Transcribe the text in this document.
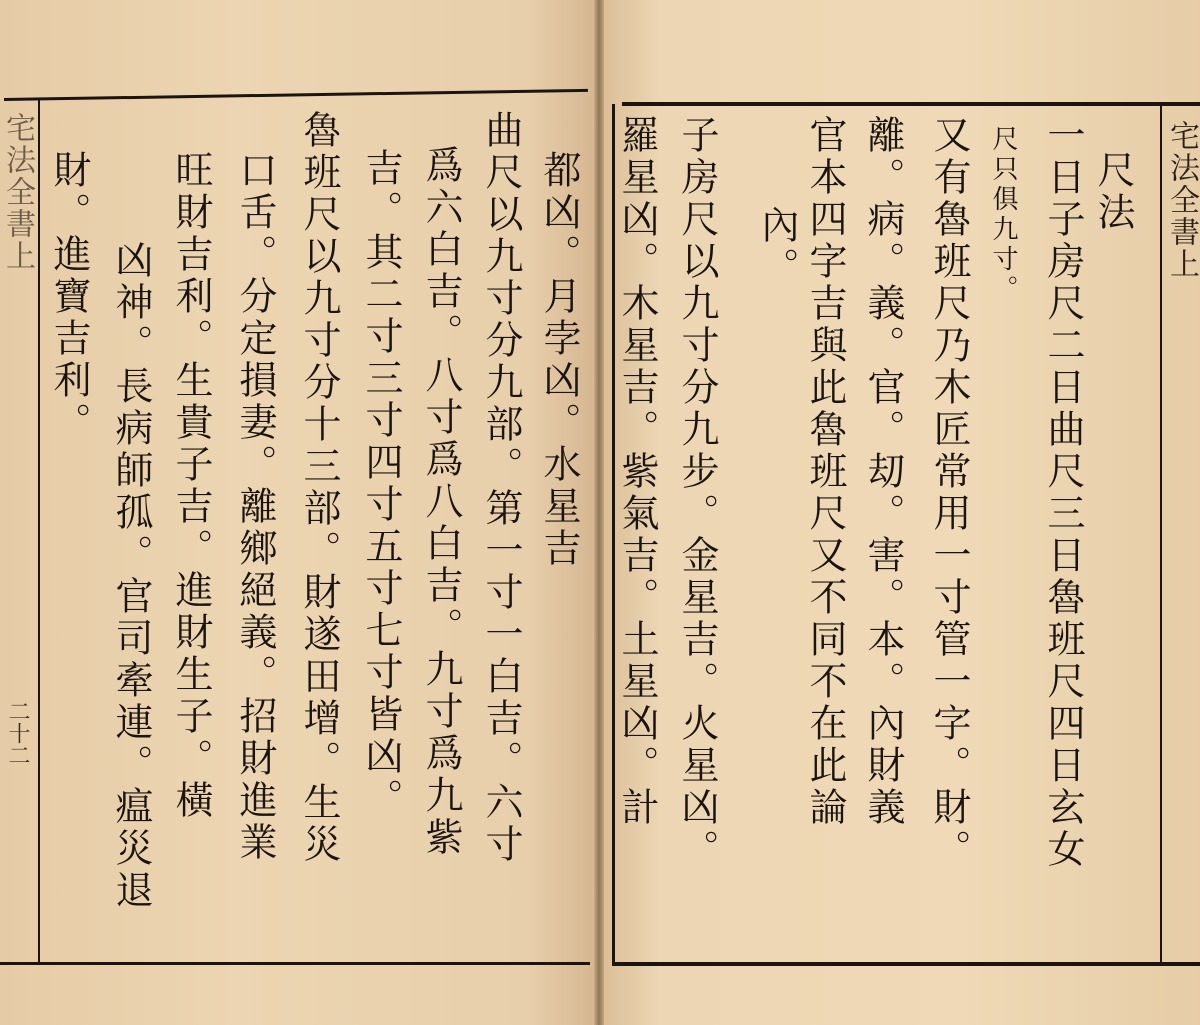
宅法全書上
尺法
一日子房尺二日曲尺三日魯班尺四日玄女
尺只俱九寸。
又有魯班尺乃木匠常用一寸管一字。財。
離。病。義。官。刧。害。本。內財義
官本四字吉與此魯班尺又不同不在此論
內。
子房尺以九寸分九步。金星吉。火星凶。
羅星凶。木星吉。紫氣吉。土星凶。計
宅法全書上
二十二
都凶。月孛凶。水星吉
曲尺以九寸分九部。第一寸一白吉。六寸
爲六白吉。八寸爲八白吉。九寸爲九紫
吉。其二寸三寸四寸五寸七寸皆凶。
魯班尺以九寸分十三部。財遂田增。生災
口舌。分定損妻。離鄉絕義。招財進業
旺財吉利。生貴子吉。進財生子。橫
凶神。長病師孤。官司牽連。瘟災退
財。進寶吉利。
